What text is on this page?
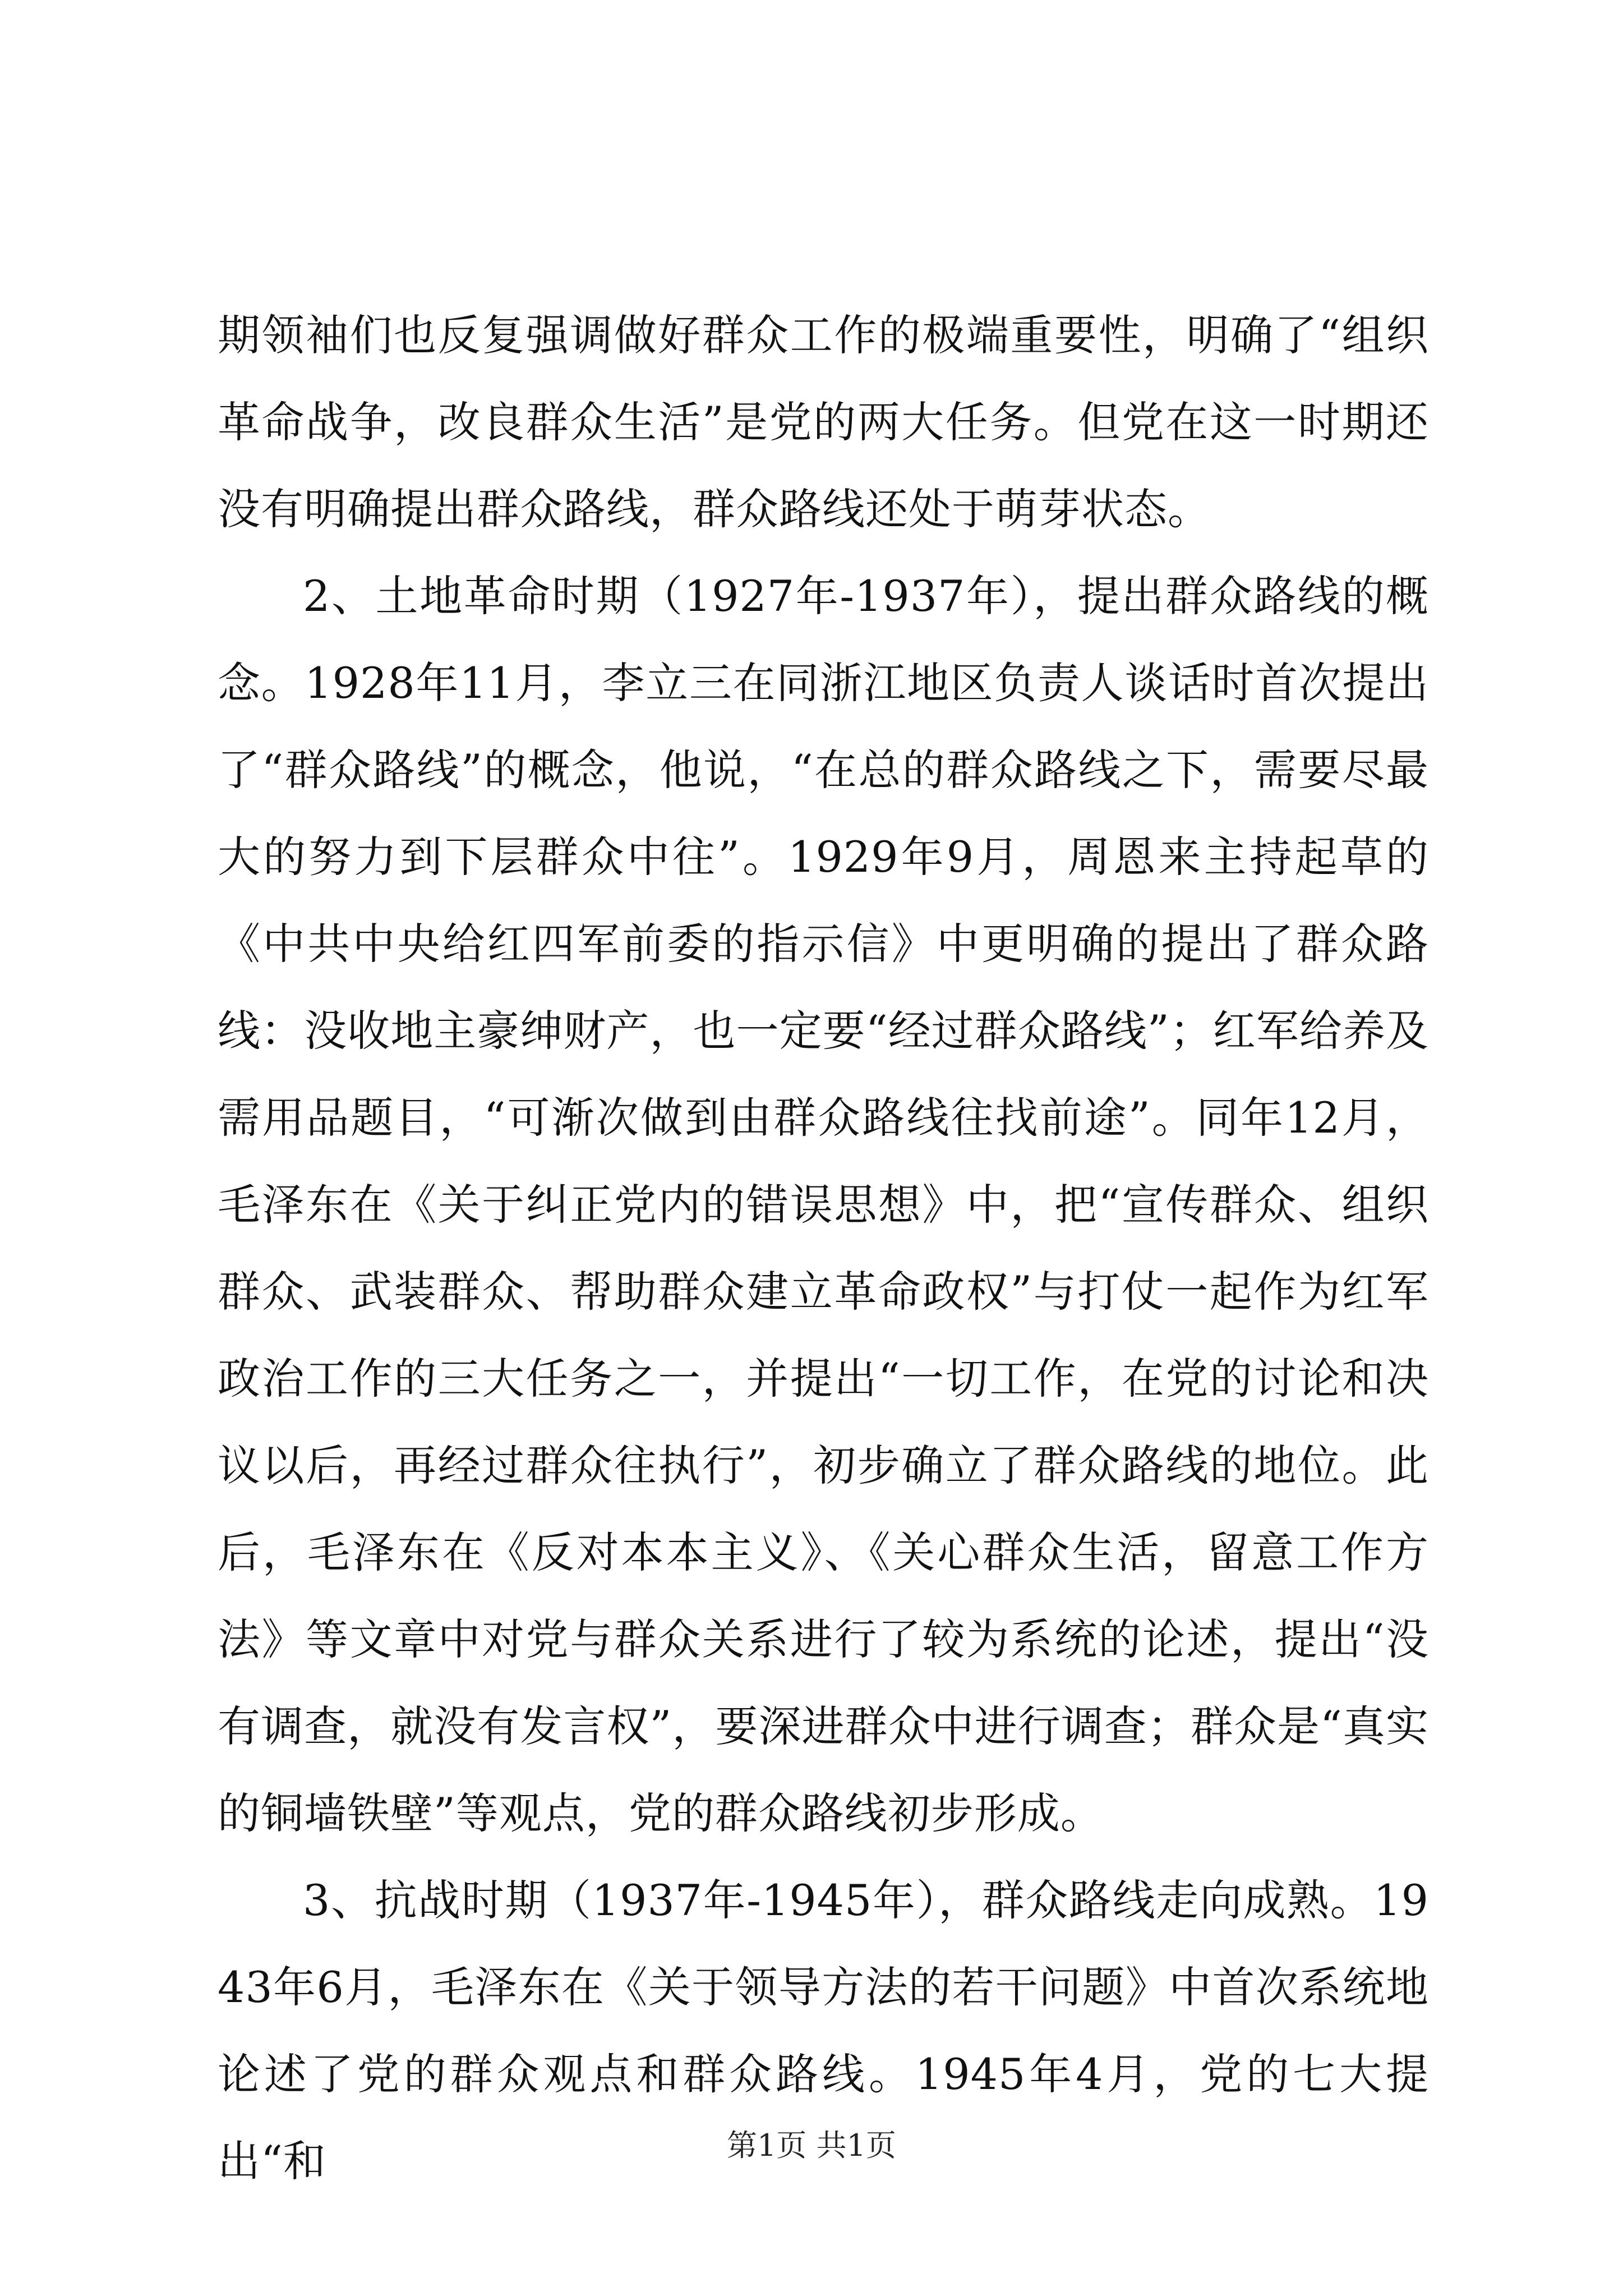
期领袖们也反复强调做好群众工作的极端重要性，明确了“组织革命战争，改良群众生活”是党的两大任务。但党在这一时期还没有明确提出群众路线，群众路线还处于萌芽状态。

2、土地革命时期（1927年-1937年），提出群众路线的概念。1928年11月，李立三在同浙江地区负责人谈话时首次提出了“群众路线”的概念，他说，“在总的群众路线之下，需要尽最大的努力到下层群众中往”。1929年9月，周恩来主持起草的《中共中央给红四军前委的指示信》中更明确的提出了群众路线：没收地主豪绅财产，也一定要“经过群众路线”；红军给养及需用品题目，“可渐次做到由群众路线往找前途”。同年12月，毛泽东在《关于纠正党内的错误思想》中，把“宣传群众、组织群众、武装群众、帮助群众建立革命政权”与打仗一起作为红军政治工作的三大任务之一，并提出“一切工作，在党的讨论和决议以后，再经过群众往执行”，初步确立了群众路线的地位。此后，毛泽东在《反对本本主义》、《关心群众生活，留意工作方法》等文章中对党与群众关系进行了较为系统的论述，提出“没有调查，就没有发言权”，要深进群众中进行调查；群众是“真实的铜墙铁壁”等观点，党的群众路线初步形成。

3、抗战时期（1937年-1945年），群众路线走向成熟。1943年6月，毛泽东在《关于领导方法的若干问题》中首次系统地论述了党的群众观点和群众路线。1945年4月，党的七大提出“和	第1页 共1页
